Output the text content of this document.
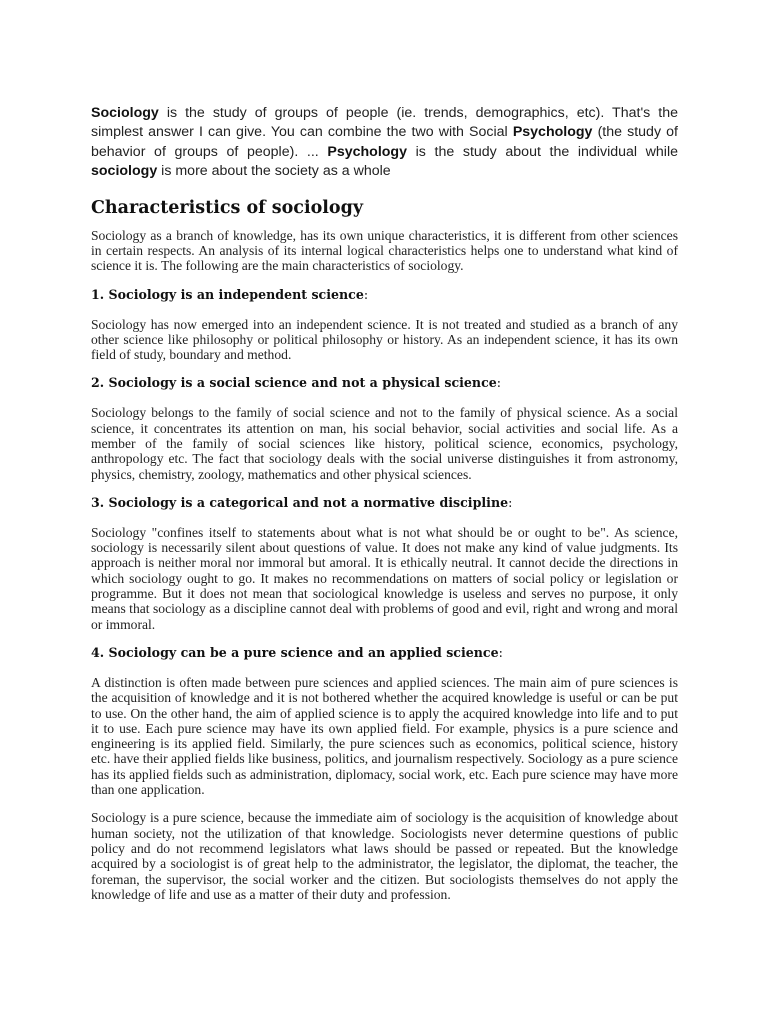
Sociology is the study of groups of people (ie. trends, demographics, etc). That's the simplest answer I can give. You can combine the two with Social Psychology (the study of behavior of groups of people). ... Psychology is the study about the individual while sociology is more about the society as a whole

Characteristics of sociology

Sociology as a branch of knowledge, has its own unique characteristics, it is different from other sciences in certain respects. An analysis of its internal logical characteristics helps one to understand what kind of science it is. The following are the main characteristics of sociology.

1. Sociology is an independent science:

Sociology has now emerged into an independent science. It is not treated and studied as a branch of any other science like philosophy or political philosophy or history. As an independent science, it has its own field of study, boundary and method.

2. Sociology is a social science and not a physical science:

Sociology belongs to the family of social science and not to the family of physical science. As a social science, it concentrates its attention on man, his social behavior, social activities and social life. As a member of the family of social sciences like history, political science, economics, psychology, anthropology etc. The fact that sociology deals with the social universe distinguishes it from astronomy, physics, chemistry, zoology, mathematics and other physical sciences.

3. Sociology is a categorical and not a normative discipline:

Sociology "confines itself to statements about what is not what should be or ought to be". As science, sociology is necessarily silent about questions of value. It does not make any kind of value judgments. Its approach is neither moral nor immoral but amoral. It is ethically neutral. It cannot decide the directions in which sociology ought to go. It makes no recommendations on matters of social policy or legislation or programme. But it does not mean that sociological knowledge is useless and serves no purpose, it only means that sociology as a discipline cannot deal with problems of good and evil, right and wrong and moral or immoral.

4. Sociology can be a pure science and an applied science:

A distinction is often made between pure sciences and applied sciences. The main aim of pure sciences is the acquisition of knowledge and it is not bothered whether the acquired knowledge is useful or can be put to use. On the other hand, the aim of applied science is to apply the acquired knowledge into life and to put it to use. Each pure science may have its own applied field. For example, physics is a pure science and engineering is its applied field. Similarly, the pure sciences such as economics, political science, history etc. have their applied fields like business, politics, and journalism respectively. Sociology as a pure science has its applied fields such as administration, diplomacy, social work, etc. Each pure science may have more than one application.

Sociology is a pure science, because the immediate aim of sociology is the acquisition of knowledge about human society, not the utilization of that knowledge. Sociologists never determine questions of public policy and do not recommend legislators what laws should be passed or repeated. But the knowledge acquired by a sociologist is of great help to the administrator, the legislator, the diplomat, the teacher, the foreman, the supervisor, the social worker and the citizen. But sociologists themselves do not apply the knowledge of life and use as a matter of their duty and profession.
